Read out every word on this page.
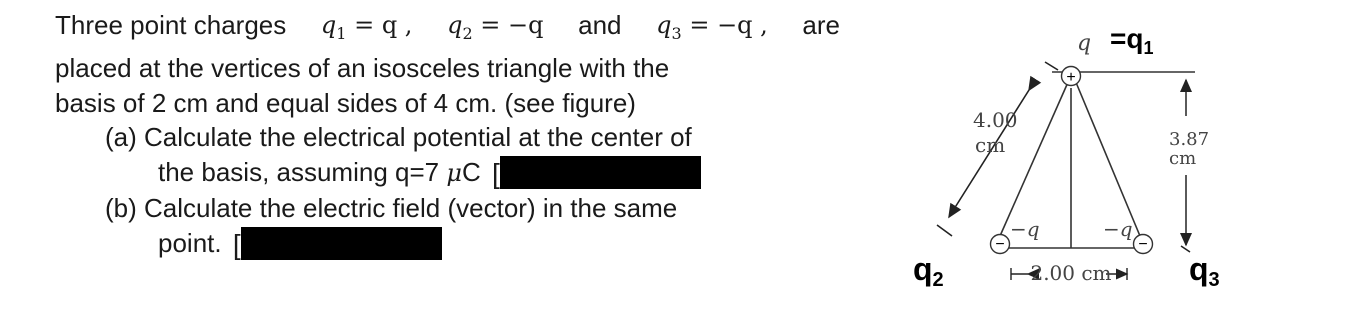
Three point charges $q_1 = q$ , $q_2 = -q$ and $q_3 = -q$ , are
placed at the vertices of an isosceles triangle with the
basis of 2 cm and equal sides of 4 cm. (see figure)
(a) Calculate the electrical potential at the center of
the basis, assuming q=7 μC [
(b) Calculate the electric field (vector) in the same
point. [
+
−	−
$q =q_1$
4.00
cm	3.87
cm
−q	−q
2.00 cm
q2	q3
